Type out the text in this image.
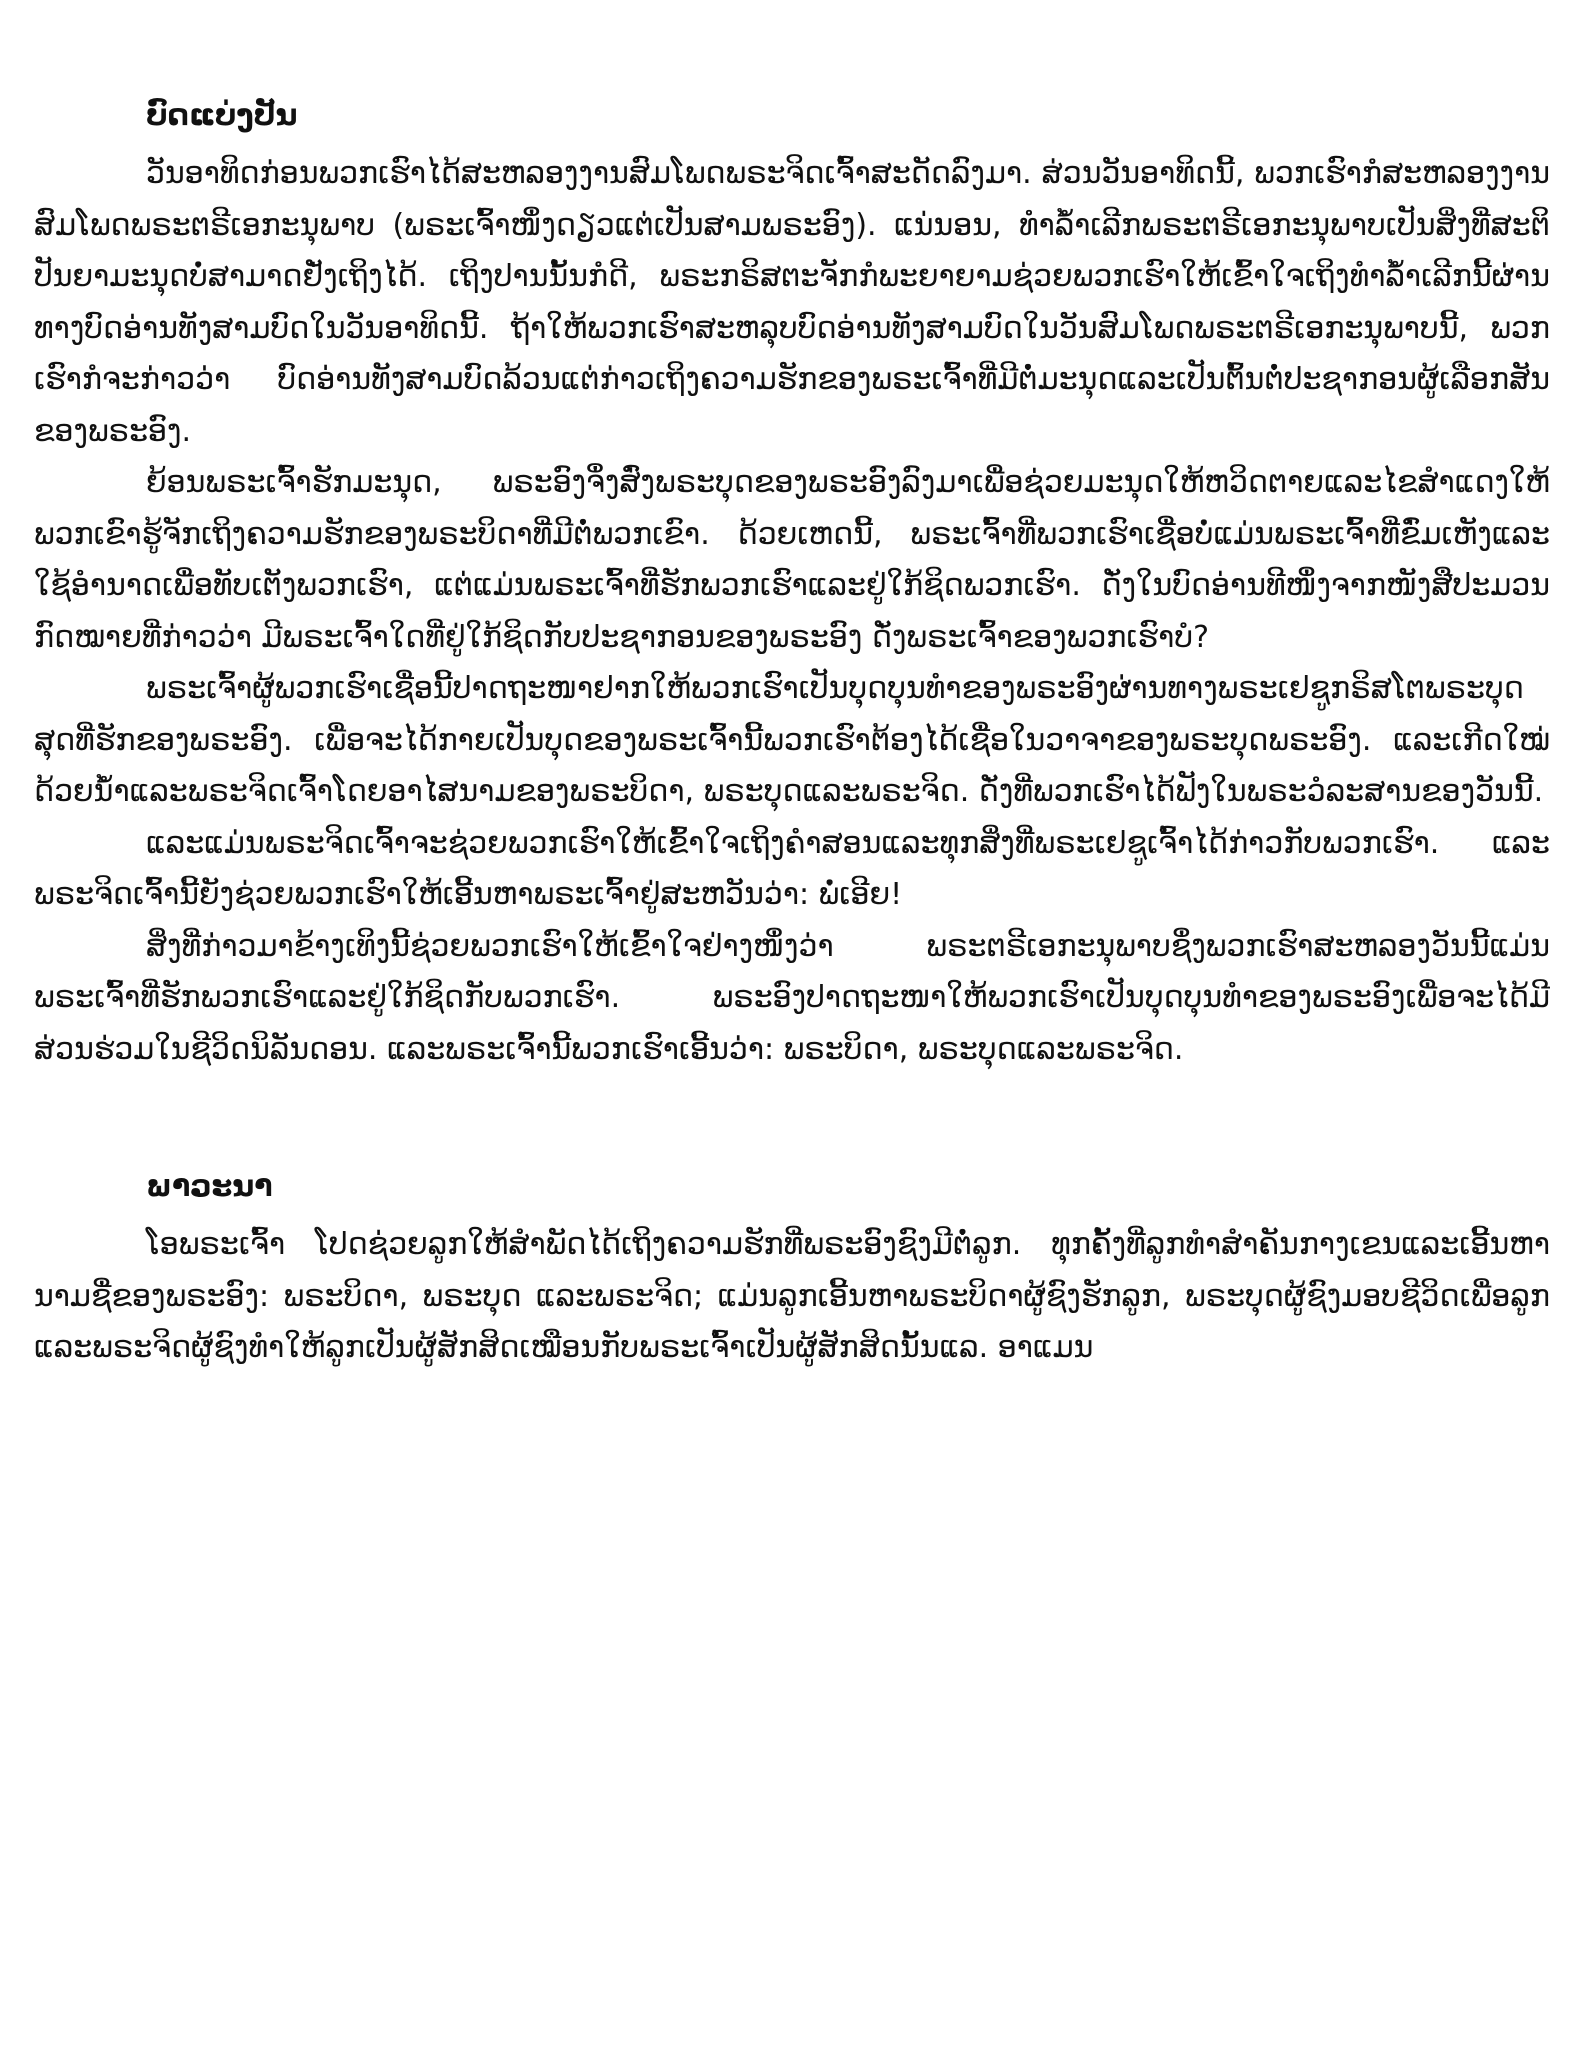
ບົດແບ່ງປັນ

ວັນອາທິດກ່ອນພວກເຮົາໄດ້ສະຫລອງງານສົມໂພດພຣະຈິດເຈົ້າສະດັດລົງມາ. ສ່ວນວັນອາທິດນີ້, ພວກເຮົາກໍສະຫລອງງານສົມໂພດພຣະຕຣີເອກະນຸພາບ (ພຣະເຈົ້າໜຶ່ງດຽວແຕ່ເປັນສາມພຣະອົງ). ແນ່ນອນ, ທໍາລໍ້າເລີກພຣະຕຣີເອກະນຸພາບເປັນສິ່ງທີ່ສະຕິປັນຍາມະນຸດບໍ່ສາມາດຢັ່ງເຖິງໄດ້. ເຖິງປານນັ້ນກໍດີ, ພຣະກຣິສຕະຈັກກໍພະຍາຍາມຊ່ວຍພວກເຮົາໃຫ້ເຂົ້າໃຈເຖິງທໍາລໍ້າເລີກນີ້ຜ່ານທາງບົດອ່ານທັງສາມບົດໃນວັນອາທິດນີ້. ຖ້າໃຫ້ພວກເຮົາສະຫລຸບບົດອ່ານທັງສາມບົດໃນວັນສົມໂພດພຣະຕຣີເອກະນຸພາບນີ້, ພວກເຮົາກໍຈະກ່າວວ່າ ບົດອ່ານທັງສາມບົດລ້ວນແຕ່ກ່າວເຖິງຄວາມຮັກຂອງພຣະເຈົ້າທີ່ມີຕໍ່ມະນຸດແລະເປັນຕົ້ນຕໍ່ປະຊາກອນຜູ້ເລືອກສັນຂອງພຣະອົງ.

ຍ້ອນພຣະເຈົ້າຮັກມະນຸດ, ພຣະອົງຈຶ່ງສົ່ງພຣະບຸດຂອງພຣະອົງລົງມາເພື່ອຊ່ວຍມະນຸດໃຫ້ຫວິດຕາຍແລະໄຂສໍາແດງໃຫ້ພວກເຂົາຮູ້ຈັກເຖິງຄວາມຮັກຂອງພຣະບິດາທີ່ມີຕໍ່ພວກເຂົາ. ດ້ວຍເຫດນີ້, ພຣະເຈົ້າທີ່ພວກເຮົາເຊື່ອບໍ່ແມ່ນພຣະເຈົ້າທີ່ຂົ່ມເຫັງແລະໃຊ້ອໍານາດເພື່ອທັບເຕັງພວກເຮົາ, ແຕ່ແມ່ນພຣະເຈົ້າທີ່ຮັກພວກເຮົາແລະຢູ່ໃກ້ຊິດພວກເຮົາ. ດັ່ງໃນບົດອ່ານທີໜຶ່ງຈາກໜັງສືປະມວນກົດໝາຍທີ່ກ່າວວ່າ ມີພຣະເຈົ້າໃດທີ່ຢູ່ໃກ້ຊິດກັບປະຊາກອນຂອງພຣະອົງ ດັ່ງພຣະເຈົ້າຂອງພວກເຮົາບໍ?

ພຣະເຈົ້າຜູ້ພວກເຮົາເຊື່ອນີ້ປາດຖະໜາຢາກໃຫ້ພວກເຮົາເປັນບຸດບຸນທໍາຂອງພຣະອົງຜ່ານທາງພຣະເຢຊູກຣິສໂຕພຣະບຸດສຸດທີ່ຮັກຂອງພຣະອົງ. ເພື່ອຈະໄດ້ກາຍເປັນບຸດຂອງພຣະເຈົ້ານີ້ພວກເຮົາຕ້ອງໄດ້ເຊື່ອໃນວາຈາຂອງພຣະບຸດພຣະອົງ. ແລະເກີດໃໝ່ດ້ວຍນໍ້າແລະພຣະຈິດເຈົ້າໂດຍອາໄສນາມຂອງພຣະບິດາ, ພຣະບຸດແລະພຣະຈິດ. ດັ່ງທີ່ພວກເຮົາໄດ້ຟັງໃນພຣະວໍລະສານຂອງວັນນີ້.

ແລະແມ່ນພຣະຈິດເຈົ້າຈະຊ່ວຍພວກເຮົາໃຫ້ເຂົ້າໃຈເຖິງຄໍາສອນແລະທຸກສິ່ງທີ່ພຣະເຢຊູເຈົ້າໄດ້ກ່າວກັບພວກເຮົາ. ແລະພຣະຈິດເຈົ້ານີ້ຍັງຊ່ວຍພວກເຮົາໃຫ້ເອີ້ນຫາພຣະເຈົ້າຢູ່ສະຫວັນວ່າ: ພໍ່ເອີຍ!

ສິ່ງທີ່ກ່າວມາຂ້າງເທິງນີ້ຊ່ວຍພວກເຮົາໃຫ້ເຂົ້າໃຈຢ່າງໜຶ່ງວ່າ ພຣະຕຣີເອກະນຸພາບຊຶ່ງພວກເຮົາສະຫລອງວັນນີ້ແມ່ນພຣະເຈົ້າທີ່ຮັກພວກເຮົາແລະຢູ່ໃກ້ຊິດກັບພວກເຮົາ. ພຣະອົງປາດຖະໜາໃຫ້ພວກເຮົາເປັນບຸດບຸນທໍາຂອງພຣະອົງເພື່ອຈະໄດ້ມີສ່ວນຮ່ວມໃນຊີວິດນິລັນດອນ. ແລະພຣະເຈົ້ານີ້ພວກເຮົາເອີ້ນວ່າ: ພຣະບິດາ, ພຣະບຸດແລະພຣະຈິດ.

ພາວະນາ

ໂອພຣະເຈົ້າ ໂປດຊ່ວຍລູກໃຫ້ສໍາພັດໄດ້ເຖິງຄວາມຮັກທີ່ພຣະອົງຊົງມີຕໍ່ລູກ. ທຸກຄັ້ງທີ່ລູກທໍາສໍາຄັນກາງເຂນແລະເອີ້ນຫານາມຊື່ຂອງພຣະອົງ: ພຣະບິດາ, ພຣະບຸດ ແລະພຣະຈິດ; ແມ່ນລູກເອີ້ນຫາພຣະບິດາຜູ້ຊົງຮັກລູກ, ພຣະບຸດຜູ້ຊົງມອບຊີວິດເພື່ອລູກແລະພຣະຈິດຜູ້ຊົງທໍາໃຫ້ລູກເປັນຜູ້ສັກສິດເໝືອນກັບພຣະເຈົ້າເປັນຜູ້ສັກສິດນັ້ນແລ. ອາແມນ
